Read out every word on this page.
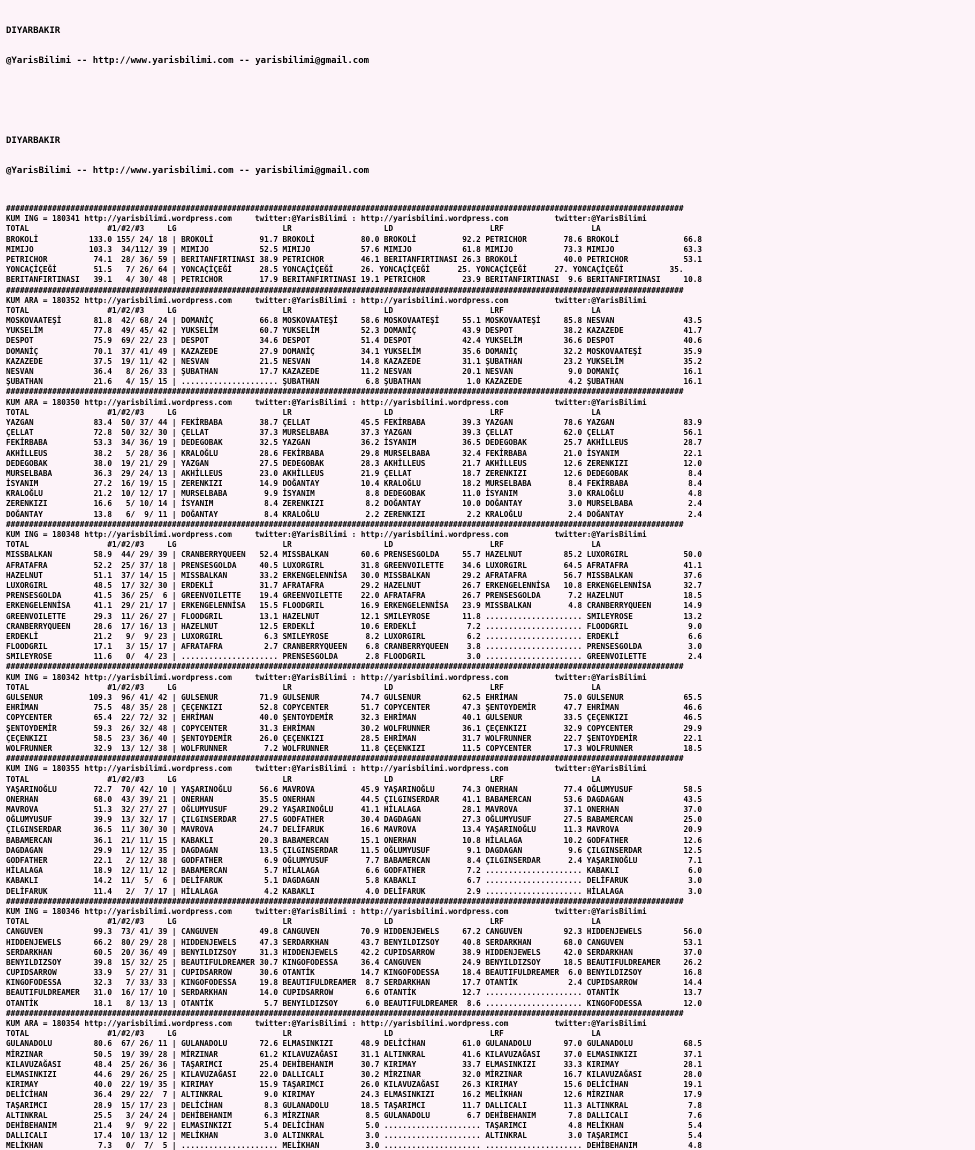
DIYARBAKIR

@YarisBilimi -- http://www.yarisbilimi.com -- yarisbilimi@gmail.com

DIYARBAKIR

@YarisBilimi -- http://www.yarisbilimi.com -- yarisbilimi@gmail.com

###################################################################################################################################################
KUM ING = 180341 http://yarisbilimi.wordpress.com     twitter:@YarisBilimi : http://yarisbilimi.wordpress.com          twitter:@YarisBilimi
TOTAL                 #1/#2/#3     LG                       LR                    LD                     LRF                   LA
BROKOLİ           133.0 155/ 24/ 18 | BROKOLİ          91.7 BROKOLİ          80.0 BROKOLİ          92.2 PETRICHOR        78.6 BROKOLİ              66.8
MIMIJO            103.3  34/112/ 39 | MIMIJO           52.5 MIMIJO           57.6 MIMIJO           61.8 MIMIJO           73.3 MIMIJO               63.3
PETRICHOR          74.1  28/ 36/ 59 | BERITANFIRTINASI 38.9 PETRICHOR        46.1 BERITANFIRTINASI 26.3 BROKOLİ          40.0 PETRICHOR            53.1
YONCAÇİÇEĞİ        51.5   7/ 26/ 64 | YONCAÇİÇEĞİ      28.5 YONCAÇİÇEĞİ      26. YONCAÇİÇEĞİ      25. YONCAÇİÇEĞİ      27. YONCAÇİÇEĞİ          35.
BERITANFIRTINASI   39.1   4/ 30/ 48 | PETRICHOR        17.9 BERITANFIRTINASI 19.1 PETRICHOR        23.9 BERITANFIRTINASI  9.6 BERITANFIRTINASI     10.8
###################################################################################################################################################
KUM ARA = 180352 http://yarisbilimi.wordpress.com     twitter:@YarisBilimi : http://yarisbilimi.wordpress.com          twitter:@YarisBilimi
TOTAL                 #1/#2/#3     LG                       LR                    LD                     LRF                   LA
MOSKOVAATEŞİ       81.8  42/ 68/ 24 | DOMANİÇ          66.8 MOSKOVAATEŞİ     58.6 MOSKOVAATEŞİ     55.1 MOSKOVAATEŞİ     85.8 NESVAN               43.5
YUKSELİM           77.8  49/ 45/ 42 | YUKSELİM         60.7 YUKSELİM         52.3 DOMANİÇ          43.9 DESPOT           38.2 KAZAZEDE             41.7
DESPOT             75.9  69/ 22/ 23 | DESPOT           34.6 DESPOT           51.4 DESPOT           42.4 YUKSELİM         36.6 DESPOT               40.6
DOMANİÇ            70.1  37/ 41/ 49 | KAZAZEDE         27.9 DOMANİÇ          34.1 YUKSELİM         35.6 DOMANİÇ          32.2 MOSKOVAATEŞİ         35.9
KAZAZEDE           37.5  19/ 11/ 42 | NESVAN           21.5 NESVAN           14.8 KAZAZEDE         31.1 ŞUBATHAN         23.2 YUKSELİM             35.2
NESVAN             36.4   8/ 26/ 33 | ŞUBATHAN         17.7 KAZAZEDE         11.2 NESVAN           20.1 NESVAN            9.0 DOMANİÇ              16.1
ŞUBATHAN           21.6   4/ 15/ 15 | ..................... ŞUBATHAN          6.8 ŞUBATHAN          1.0 KAZAZEDE          4.2 ŞUBATHAN             16.1
###################################################################################################################################################
KUM ARA = 180350 http://yarisbilimi.wordpress.com     twitter:@YarisBilimi : http://yarisbilimi.wordpress.com          twitter:@YarisBilimi
TOTAL                 #1/#2/#3     LG                       LR                    LD                     LRF                   LA
YAZGAN             83.4  50/ 37/ 44 | FEKİRBABA        38.7 ÇELLAT           45.5 FEKİRBABA        39.3 YAZGAN           78.6 YAZGAN               83.9
ÇELLAT             72.8  50/ 32/ 30 | ÇELLAT           37.3 MURSELBABA       37.3 YAZGAN           39.3 ÇELLAT           62.0 ÇELLAT               56.1
FEKİRBABA          53.3  34/ 36/ 19 | DEDEGOBAK        32.5 YAZGAN           36.2 İSYANIM          36.5 DEDEGOBAK        25.7 AKHİLLEUS            28.7
AKHİLLEUS          38.2   5/ 28/ 36 | KRALOĞLU         28.6 FEKİRBABA        29.8 MURSELBABA       32.4 FEKİRBABA        21.0 İSYANIM              22.1
DEDEGOBAK          38.0  19/ 21/ 29 | YAZGAN           27.5 DEDEGOBAK        28.3 AKHİLLEUS        21.7 AKHİLLEUS        12.6 ZERENKIZI            12.0
MURSELBABA         36.3  29/ 24/ 13 | AKHİLLEUS        23.0 AKHİLLEUS        21.9 ÇELLAT           18.7 ZERENKIZI        12.6 DEDEGOBAK             8.4
İSYANIM            27.2  16/ 19/ 15 | ZERENKIZI        14.9 DOĞANTAY         10.4 KRALOĞLU         18.2 MURSELBABA        8.4 FEKİRBABA             8.4
KRALOĞLU           21.2  10/ 12/ 17 | MURSELBABA        9.9 İSYANIM           8.8 DEDEGOBAK        11.0 İSYANIM           3.0 KRALOĞLU              4.8
ZERENKIZI          16.6   5/ 10/ 14 | İSYANIM           8.4 ZERENKIZI         8.2 DOĞANTAY         10.0 DOĞANTAY          3.0 MURSELBABA            2.4
DOĞANTAY           13.8   6/  9/ 11 | DOĞANTAY          8.4 KRALOĞLU          2.2 ZERENKIZI         2.2 KRALOĞLU          2.4 DOĞANTAY              2.4
###################################################################################################################################################
KUM ING = 180348 http://yarisbilimi.wordpress.com     twitter:@YarisBilimi : http://yarisbilimi.wordpress.com          twitter:@YarisBilimi
TOTAL                 #1/#2/#3     LG                       LR                    LD                     LRF                   LA
MISSBALKAN         58.9  44/ 29/ 39 | CRANBERRYQUEEN   52.4 MISSBALKAN       60.6 PRENSESGOLDA     55.7 HAZELNUT         85.2 LUXORGIRL            50.0
AFRATAFRA          52.2  25/ 37/ 18 | PRENSESGOLDA     40.5 LUXORGIRL        31.8 GREENVOILETTE    34.6 LUXORGIRL        64.5 AFRATAFRA            41.1
HAZELNUT           51.1  37/ 14/ 15 | MISSBALKAN       33.2 ERKENGELENNİSA   30.0 MISSBALKAN       29.2 AFRATAFRA        56.7 MISSBALKAN           37.6
LUXORGIRL          48.5  17/ 32/ 30 | ERDEKLİ          31.7 AFRATAFRA        29.2 HAZELNUT         26.7 ERKENGELENNİSA   10.8 ERKENGELENNİSA       32.7
PRENSESGOLDA       41.5  36/ 25/  6 | GREENVOILETTE    19.4 GREENVOILETTE    22.0 AFRATAFRA        26.7 PRENSESGOLDA      7.2 HAZELNUT             18.5
ERKENGELENNİSA     41.1  29/ 21/ 17 | ERKENGELENNİSA   15.5 FLOODGRIL        16.9 ERKENGELENNİSA   23.9 MISSBALKAN        4.8 CRANBERRYQUEEN       14.9
GREENVOILETTE      29.3  11/ 26/ 27 | FLOODGRIL        13.1 HAZELNUT         12.1 SMILEYROSE       11.8 ..................... SMILEYROSE           13.2
CRANBERRYQUEEN     28.6  17/ 16/ 13 | HAZELNUT         12.5 ERDEKLİ          10.6 ERDEKLİ           7.2 ..................... FLOODGRIL             9.0
ERDEKLİ            21.2   9/  9/ 23 | LUXORGIRL         6.3 SMILEYROSE        8.2 LUXORGIRL         6.2 ..................... ERDEKLİ               6.6
FLOODGRIL          17.1   3/ 15/ 17 | AFRATAFRA         2.7 CRANBERRYQUEEN    6.8 CRANBERRYQUEEN    3.8 ..................... PRENSESGOLDA          3.0
SMILEYROSE         11.6   0/  4/ 23 | ..................... PRENSESGOLDA      2.8 FLOODGRIL         3.0 ..................... GREENVOILETTE         2.4
###################################################################################################################################################
KUM ING = 180342 http://yarisbilimi.wordpress.com     twitter:@YarisBilimi : http://yarisbilimi.wordpress.com          twitter:@YarisBilimi
TOTAL                 #1/#2/#3     LG                       LR                    LD                     LRF                   LA
GULSENUR          109.3  96/ 41/ 42 | GULSENUR         71.9 GULSENUR         74.7 GULSENUR         62.5 EHRİMAN          75.0 GULSENUR             65.5
EHRİMAN            75.5  48/ 35/ 28 | ÇEÇENKIZI        52.8 COPYCENTER       51.7 COPYCENTER       47.3 ŞENTOYDEMİR      47.7 EHRİMAN              46.6
COPYCENTER         65.4  22/ 72/ 32 | EHRİMAN          40.0 ŞENTOYDEMİR      32.3 EHRİMAN          40.1 GULSENUR         33.5 ÇEÇENKIZI            46.5
ŞENTOYDEMİR        59.3  26/ 32/ 48 | COPYCENTER       31.3 EHRİMAN          30.2 WOLFRUNNER       36.1 ÇEÇENKIZI        32.9 COPYCENTER           29.9
ÇEÇENKIZI          58.5  23/ 36/ 40 | ŞENTOYDEMİR      26.0 ÇEÇENKIZI        28.5 EHRİMAN          31.7 WOLFRUNNER       22.7 ŞENTOYDEMİR          22.1
WOLFRUNNER         32.9  13/ 12/ 38 | WOLFRUNNER        7.2 WOLFRUNNER       11.8 ÇEÇENKIZI        11.5 COPYCENTER       17.3 WOLFRUNNER           18.5
###################################################################################################################################################
KUM ING = 180355 http://yarisbilimi.wordpress.com     twitter:@YarisBilimi : http://yarisbilimi.wordpress.com          twitter:@YarisBilimi
TOTAL                 #1/#2/#3     LG                       LR                    LD                     LRF                   LA
YAŞARINOĞLU        72.7  70/ 42/ 10 | YAŞARINOĞLU      56.6 MAVROVA          45.9 YAŞARINOĞLU      74.3 ONERHAN          77.4 OĞLUMYUSUF           58.5
ONERHAN            68.0  43/ 39/ 21 | ONERHAN          35.5 ONERHAN          44.5 ÇILGINSERDAR     41.1 BABAMERCAN       53.6 DAGDAGAN             43.5
MAVROVA            51.3  32/ 27/ 27 | OĞLUMYUSUF       29.2 YAŞARINOĞLU      41.1 HİLALAGA         28.1 MAVROVA          37.1 ONERHAN              37.0
OĞLUMYUSUF         39.9  13/ 32/ 17 | ÇILGINSERDAR     27.5 GODFATHER        30.4 DAGDAGAN         27.3 OĞLUMYUSUF       27.5 BABAMERCAN           25.0
ÇILGINSERDAR       36.5  11/ 30/ 30 | MAVROVA          24.7 DELİFARUK        16.6 MAVROVA          13.4 YAŞARINOĞLU      11.3 MAVROVA              20.9
BABAMERCAN         36.1  21/ 11/ 15 | KABAKLI          20.3 BABAMERCAN       15.1 ONERHAN          10.8 HİLALAGA         10.2 GODFATHER            12.6
DAGDAGAN           29.9  11/ 12/ 35 | DAGDAGAN         13.5 ÇILGINSERDAR     11.5 OĞLUMYUSUF        9.1 DAGDAGAN          9.6 ÇILGINSERDAR         12.5
GODFATHER          22.1   2/ 12/ 38 | GODFATHER         6.9 OĞLUMYUSUF        7.7 BABAMERCAN        8.4 ÇILGINSERDAR      2.4 YAŞARINOĞLU           7.1
HİLALAGA           18.9  12/ 11/ 12 | BABAMERCAN        5.7 HİLALAGA          6.6 GODFATHER         7.2 ..................... KABAKLI               6.0
KABAKLI            14.2  11/  5/  6 | DELİFARUK         5.1 DAGDAGAN          5.8 KABAKLI           6.7 ..................... DELİFARUK             3.0
DELİFARUK          11.4   2/  7/ 17 | HİLALAGA          4.2 KABAKLI           4.0 DELİFARUK         2.9 ..................... HİLALAGA              3.0
###################################################################################################################################################
KUM ING = 180346 http://yarisbilimi.wordpress.com     twitter:@YarisBilimi : http://yarisbilimi.wordpress.com          twitter:@YarisBilimi
TOTAL                 #1/#2/#3     LG                       LR                    LD                     LRF                   LA
CANGUVEN           99.3  73/ 41/ 39 | CANGUVEN         49.8 CANGUVEN         70.9 HIDDENJEWELS     67.2 CANGUVEN         92.3 HIDDENJEWELS         56.0
HIDDENJEWELS       66.2  80/ 29/ 28 | HIDDENJEWELS     47.3 SERDARKHAN       43.7 BENYILDIZSOY     40.8 SERDARKHAN       68.0 CANGUVEN             53.1
SERDARKHAN         60.5  20/ 36/ 49 | BENYILDIZSOY     31.3 HIDDENJEWELS     42.2 CUPIDSARROW      38.9 HIDDENJEWELS     42.0 SERDARKHAN           37.0
BENYILDIZSOY       39.8  15/ 32/ 25 | BEAUTIFULDREAMER 30.7 KINGOFODESSA     36.4 CANGUVEN         24.9 BENYILDIZSOY     18.5 BEAUTIFULDREAMER     26.2
CUPIDSARROW        33.9   5/ 27/ 31 | CUPIDSARROW      30.6 OTANTİK          14.7 KINGOFODESSA     18.4 BEAUTIFULDREAMER  6.0 BENYILDIZSOY         16.8
KINGOFODESSA       32.3   7/ 33/ 33 | KINGOFODESSA     19.8 BEAUTIFULDREAMER  8.7 SERDARKHAN       17.7 OTANTİK           2.4 CUPIDSARROW          14.4
BEAUTIFULDREAMER   31.0  16/ 17/ 10 | SERDARKHAN       14.0 CUPIDSARROW       6.6 OTANTİK          12.7 ..................... OTANTİK              13.7
OTANTİK            18.1   8/ 13/ 13 | OTANTİK           5.7 BENYILDIZSOY      6.0 BEAUTIFULDREAMER  8.6 ..................... KINGOFODESSA         12.0
###################################################################################################################################################
KUM ARA = 180354 http://yarisbilimi.wordpress.com     twitter:@YarisBilimi : http://yarisbilimi.wordpress.com          twitter:@YarisBilimi
TOTAL                 #1/#2/#3     LG                       LR                    LD                     LRF                   LA
GULANADOLU         80.6  67/ 26/ 11 | GULANADOLU       72.6 ELMASINKIZI      48.9 DELİCİHAN        61.0 GULANADOLU       97.0 GULANADOLU           68.5
MİRZINAR           50.5  19/ 39/ 28 | MİRZINAR         61.2 KILAVUZAĞASI     31.1 ALTINKRAL        41.6 KILAVUZAĞASI     37.0 ELMASINKIZI          37.1
KILAVUZAĞASI       48.4  25/ 26/ 36 | TAŞARIMCI        25.4 DEHİBEHANIM      30.7 KIRIMAY          33.7 ELMASINKIZI      33.3 KIRIMAY              28.1
ELMASINKIZI        44.6  29/ 26/ 25 | KILAVUZAĞASI     22.0 DALLICALI        30.2 MİRZINAR         32.0 MİRZINAR         16.7 KILAVUZAĞASI         28.0
KIRIMAY            40.0  22/ 19/ 35 | KIRIMAY          15.9 TAŞARIMCI        26.0 KILAVUZAĞASI     26.3 KIRIMAY          15.6 DELİCİHAN            19.1
DELİCİHAN          36.4  29/ 22/  7 | ALTINKRAL         9.0 KIRIMAY          24.3 ELMASINKIZI      16.2 MELİKHAN         12.6 MİRZINAR             17.9
TAŞARIMCI          28.9  15/ 17/ 23 | DELİCİHAN         8.3 GULANADOLU       18.5 TAŞARIMCI        11.7 DALLICALI        11.3 ALTINKRAL             7.8
ALTINKRAL          25.5   3/ 24/ 24 | DEHİBEHANIM       6.3 MİRZINAR          8.5 GULANADOLU        6.7 DEHİBEHANIM       7.8 DALLICALI             7.6
DEHİBEHANIM        21.4   9/  9/ 22 | ELMASINKIZI       5.4 DELİCİHAN         5.0 ..................... TAŞARIMCI         4.8 MELİKHAN              5.4
DALLICALI          17.4  10/ 13/ 12 | MELİKHAN          3.0 ALTINKRAL         3.0 ..................... ALTINKRAL         3.0 TAŞARIMCI             5.4
MELİKHAN            7.3   0/  7/  5 | ..................... MELİKHAN          3.0 ..................... ..................... DEHİBEHANIM           4.8
